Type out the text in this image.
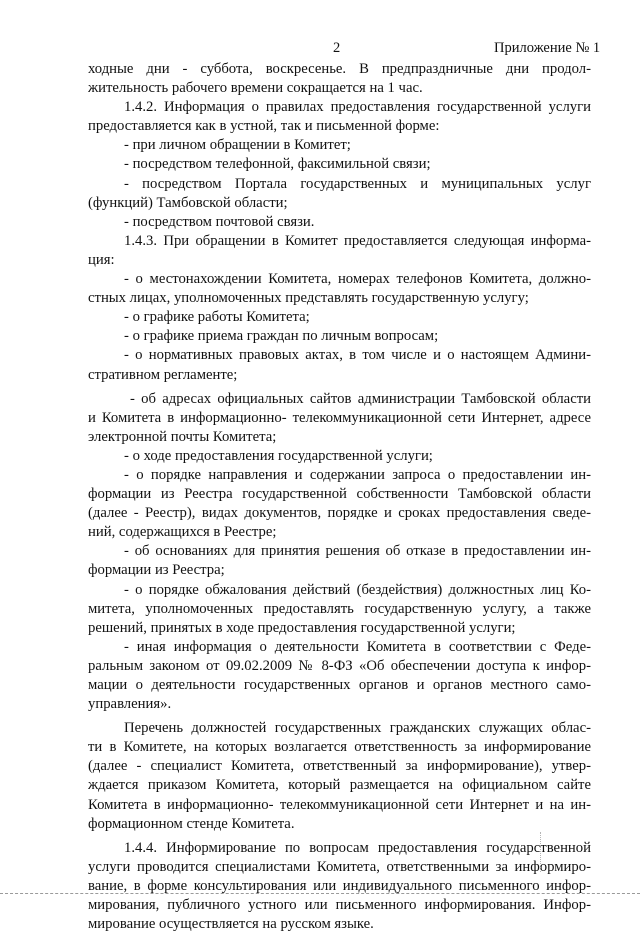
2	Приложение № 1
ходные дни - суббота, воскресенье. В предпраздничные дни продол-
жительность рабочего времени сокращается на 1 час.
1.4.2. Информация о правилах предоставления государственной услуги
предоставляется как в устной, так и письменной форме:
- при личном обращении в Комитет;
- посредством телефонной, факсимильной связи;
- посредством Портала государственных и муниципальных услуг
(функций) Тамбовской области;
- посредством почтовой связи.
1.4.3. При обращении в Комитет предоставляется следующая информа-
ция:
- о местонахождении Комитета, номерах телефонов Комитета, должно-
стных лицах, уполномоченных представлять государственную услугу;
- о графике работы Комитета;
- о графике приема граждан по личным вопросам;
- о нормативных правовых актах, в том числе и о настоящем Админи-
стративном регламенте;
- об адресах официальных сайтов администрации Тамбовской области
и Комитета в информационно- телекоммуникационной сети Интернет, адресе
электронной почты Комитета;
- о ходе предоставления государственной услуги;
- о порядке направления и содержании запроса о предоставлении ин-
формации из Реестра государственной собственности Тамбовской области
(далее - Реестр), видах документов, порядке и сроках предоставления сведе-
ний, содержащихся в Реестре;
- об основаниях для принятия решения об отказе в предоставлении ин-
формации из Реестра;
- о порядке обжалования действий (бездействия) должностных лиц Ко-
митета, уполномоченных предоставлять государственную услугу, а также
решений, принятых в ходе предоставления государственной услуги;
- иная информация о деятельности Комитета в соответствии с Феде-
ральным законом от 09.02.2009 № 8-ФЗ «Об обеспечении доступа к инфор-
мации о деятельности государственных органов и органов местного само-
управления».
Перечень должностей государственных гражданских служащих облас-
ти в Комитете, на которых возлагается ответственность за информирование
(далее - специалист Комитета, ответственный за информирование), утвер-
ждается приказом Комитета, который размещается на официальном сайте
Комитета в информационно- телекоммуникационной сети Интернет и на ин-
формационном стенде Комитета.
1.4.4. Информирование по вопросам предоставления государственной
услуги проводится специалистами Комитета, ответственными за информиро-
вание, в форме консультирования или индивидуального письменного инфор-
мирования, публичного устного или письменного информирования. Инфор-
мирование осуществляется на русском языке.
